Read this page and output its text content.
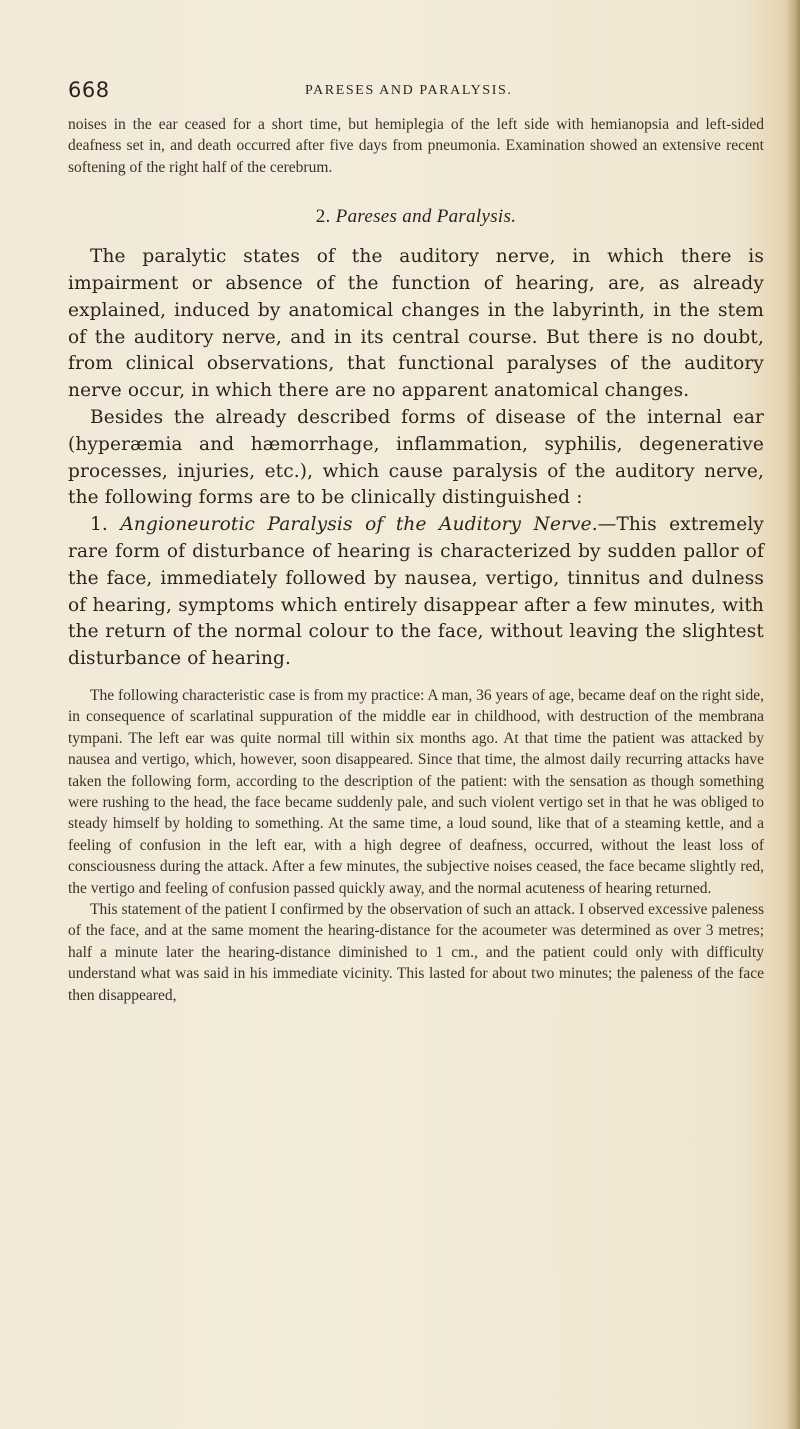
668	PARESES AND PARALYSIS.

noises in the ear ceased for a short time, but hemiplegia of the left side with hemianopsia and left-sided deafness set in, and death occurred after five days from pneumonia. Examination showed an extensive recent softening of the right half of the cerebrum.

2. Pareses and Paralysis.

The paralytic states of the auditory nerve, in which there is impairment or absence of the function of hearing, are, as already explained, induced by anatomical changes in the labyrinth, in the stem of the auditory nerve, and in its central course. But there is no doubt, from clinical observations, that functional paralyses of the auditory nerve occur, in which there are no apparent anatomical changes.

Besides the already described forms of disease of the internal ear (hyperæmia and hæmorrhage, inflammation, syphilis, degenerative processes, injuries, etc.), which cause paralysis of the auditory nerve, the following forms are to be clinically distinguished :

1. Angioneurotic Paralysis of the Auditory Nerve.—This extremely rare form of disturbance of hearing is characterized by sudden pallor of the face, immediately followed by nausea, vertigo, tinnitus and dulness of hearing, symptoms which entirely disappear after a few minutes, with the return of the normal colour to the face, without leaving the slightest disturbance of hearing.

The following characteristic case is from my practice: A man, 36 years of age, became deaf on the right side, in consequence of scarlatinal suppuration of the middle ear in childhood, with destruction of the membrana tympani. The left ear was quite normal till within six months ago. At that time the patient was attacked by nausea and vertigo, which, however, soon disappeared. Since that time, the almost daily recurring attacks have taken the following form, according to the description of the patient: with the sensation as though something were rushing to the head, the face became suddenly pale, and such violent vertigo set in that he was obliged to steady himself by holding to something. At the same time, a loud sound, like that of a steaming kettle, and a feeling of confusion in the left ear, with a high degree of deafness, occurred, without the least loss of consciousness during the attack. After a few minutes, the subjective noises ceased, the face became slightly red, the vertigo and feeling of confusion passed quickly away, and the normal acuteness of hearing returned.

This statement of the patient I confirmed by the observation of such an attack. I observed excessive paleness of the face, and at the same moment the hearing-distance for the acoumeter was determined as over 3 metres; half a minute later the hearing-distance diminished to 1 cm., and the patient could only with difficulty understand what was said in his immediate vicinity. This lasted for about two minutes; the paleness of the face then disappeared,
